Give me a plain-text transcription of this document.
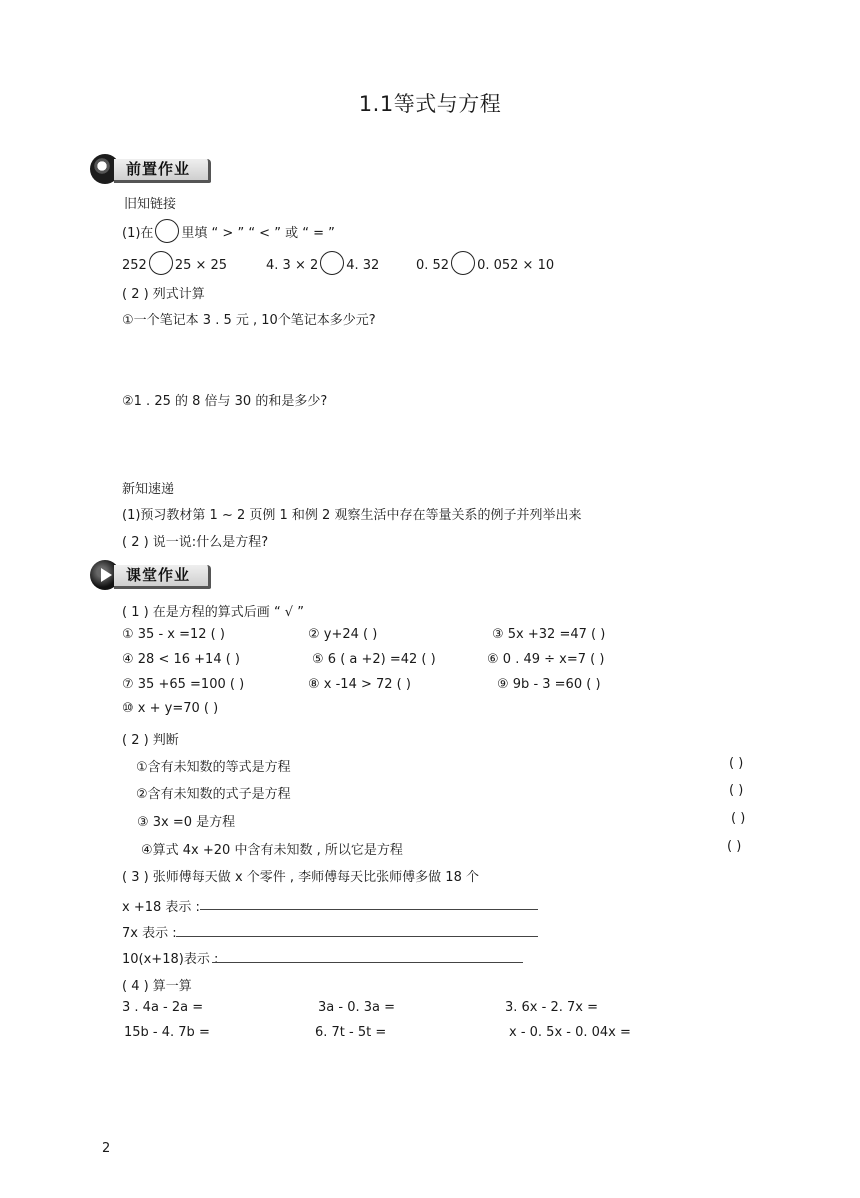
1.1等式与方程
前置作业
旧知链接
(1)在 里填 “ > ” “ < ” 或 “ = ”
252 25 × 25	4. 3 × 2 4. 32	0. 52 0. 052 × 10
( 2 ) 列式计算
①一个笔记本 3 . 5 元 , 10个笔记本多少元?
②1 . 25 的 8 倍与 30 的和是多少?
新知速递
(1)预习教材第 1 ~ 2 页例 1 和例 2 观察生活中存在等量关系的例子并列举出来
( 2 ) 说一说:什么是方程?
课堂作业
( 1 ) 在是方程的算式后画 “ √ ”
① 35 - x =12 ( )	② y+24 ( )	③ 5x +32 =47 ( )
④ 28 < 16 +14 ( )	⑤ 6 ( a +2) =42 ( )	⑥ 0 . 49 ÷ x=7 ( )
⑦ 35 +65 =100 ( )	⑧ x -14 > 72 ( )	⑨ 9b - 3 =60 ( )
⑩ x + y=70 ( )
( 2 ) 判断
①含有未知数的等式是方程	( )
②含有未知数的式子是方程	( )
③ 3x =0 是方程	( )
④算式 4x +20 中含有未知数 , 所以它是方程	( )
( 3 ) 张师傅每天做 x 个零件 , 李师傅每天比张师傅多做 18 个
x +18 表示 :
7x 表示 :
10(x+18)表示 :
( 4 ) 算一算
3 . 4a - 2a =	3a - 0. 3a =	3. 6x - 2. 7x =
15b - 4. 7b =	6. 7t - 5t =	x - 0. 5x - 0. 04x =
2
